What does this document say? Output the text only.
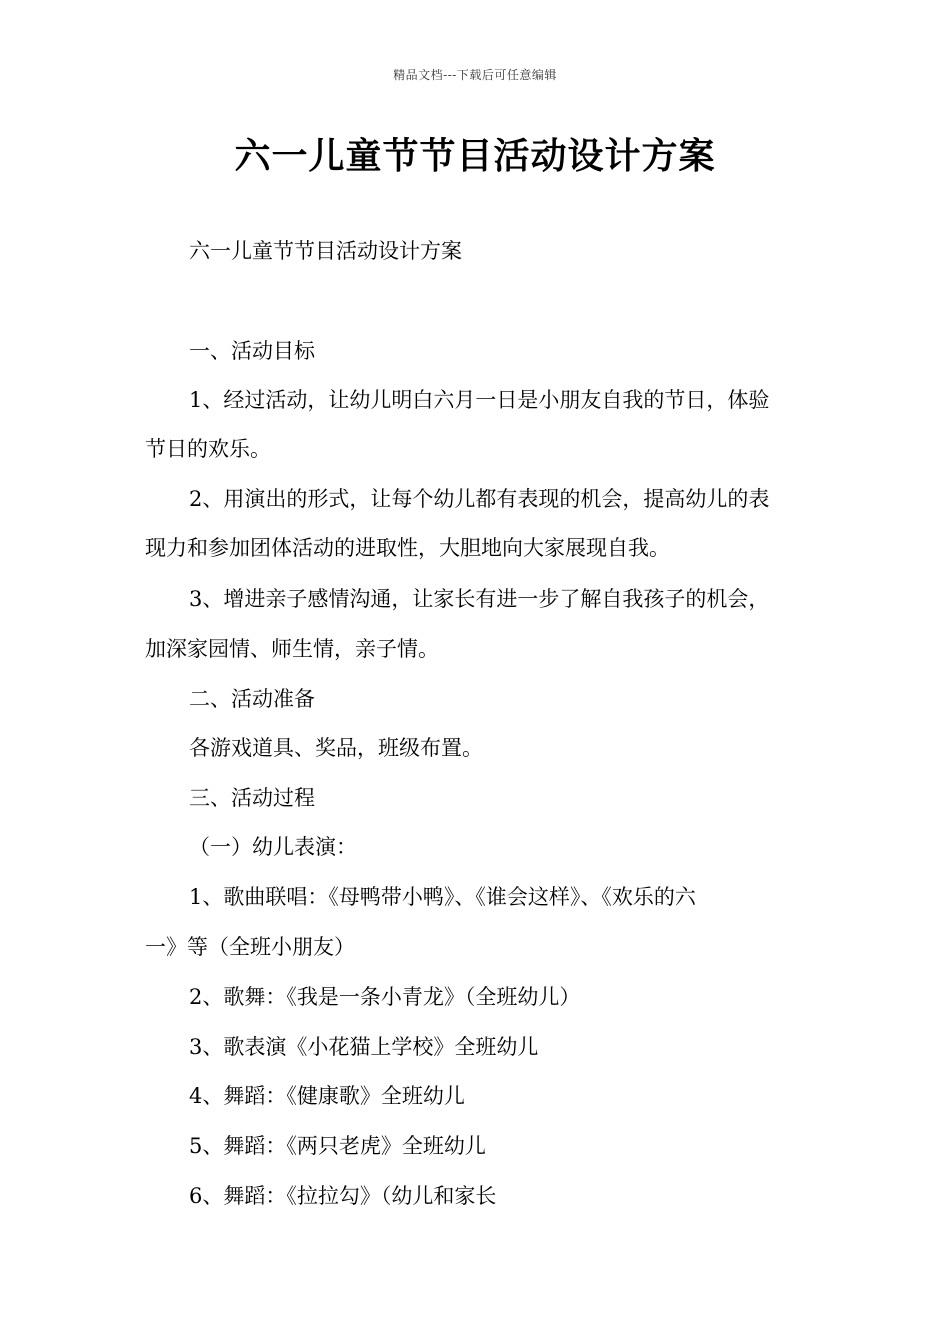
精品文档---下载后可任意编辑
六一儿童节节目活动设计方案
六一儿童节节目活动设计方案
一、活动目标
1、经过活动，让幼儿明白六月一日是小朋友自我的节日，体验
节日的欢乐。
2、用演出的形式，让每个幼儿都有表现的机会，提高幼儿的表
现力和参加团体活动的进取性，大胆地向大家展现自我。
3、增进亲子感情沟通，让家长有进一步了解自我孩子的机会，
加深家园情、师生情，亲子情。
二、活动准备
各游戏道具、奖品，班级布置。
三、活动过程
（一）幼儿表演：
1、歌曲联唱：《母鸭带小鸭》、《谁会这样》、《欢乐的六
一》等（全班小朋友）
2、歌舞：《我是一条小青龙》（全班幼儿）
3、歌表演《小花猫上学校》全班幼儿
4、舞蹈：《健康歌》全班幼儿
5、舞蹈：《两只老虎》全班幼儿
6、舞蹈：《拉拉勾》（幼儿和家长
